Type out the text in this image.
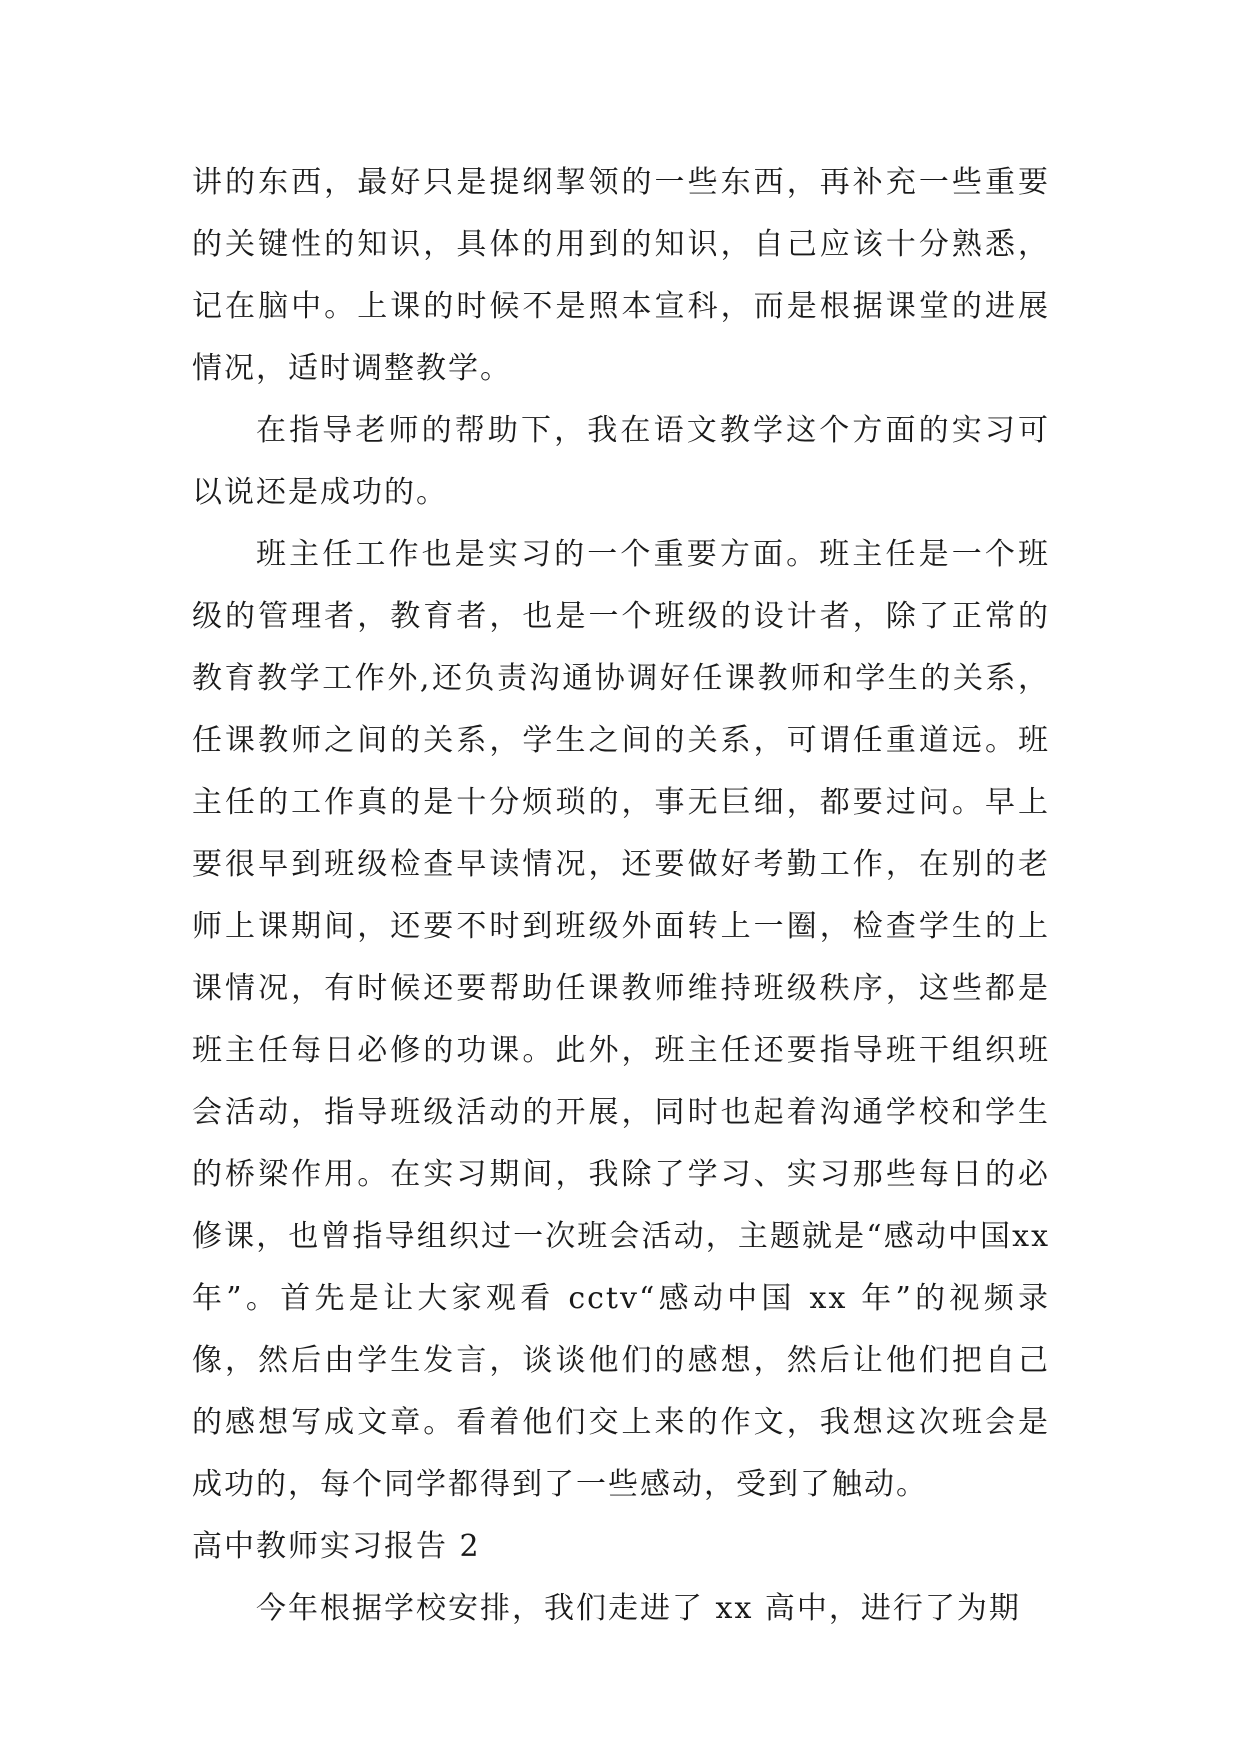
讲的东西，最好只是提纲挈领的一些东西，再补充一些重要的关键性的知识，具体的用到的知识，自己应该十分熟悉，记在脑中。上课的时候不是照本宣科，而是根据课堂的进展情况，适时调整教学。

在指导老师的帮助下，我在语文教学这个方面的实习可以说还是成功的。

班主任工作也是实习的一个重要方面。班主任是一个班级的管理者，教育者，也是一个班级的设计者，除了正常的教育教学工作外,还负责沟通协调好任课教师和学生的关系，任课教师之间的关系，学生之间的关系，可谓任重道远。班主任的工作真的是十分烦琐的，事无巨细，都要过问。早上要很早到班级检查早读情况，还要做好考勤工作，在别的老师上课期间，还要不时到班级外面转上一圈，检查学生的上课情况，有时候还要帮助任课教师维持班级秩序，这些都是班主任每日必修的功课。此外，班主任还要指导班干组织班会活动，指导班级活动的开展，同时也起着沟通学校和学生的桥梁作用。在实习期间，我除了学习、实习那些每日的必修课，也曾指导组织过一次班会活动，主题就是“感动中国xx 年”。首先是让大家观看 cctv“感动中国 xx 年”的视频录像，然后由学生发言，谈谈他们的感想，然后让他们把自己的感想写成文章。看着他们交上来的作文，我想这次班会是成功的，每个同学都得到了一些感动，受到了触动。

高中教师实习报告 2

今年根据学校安排，我们走进了 xx 高中，进行了为期
